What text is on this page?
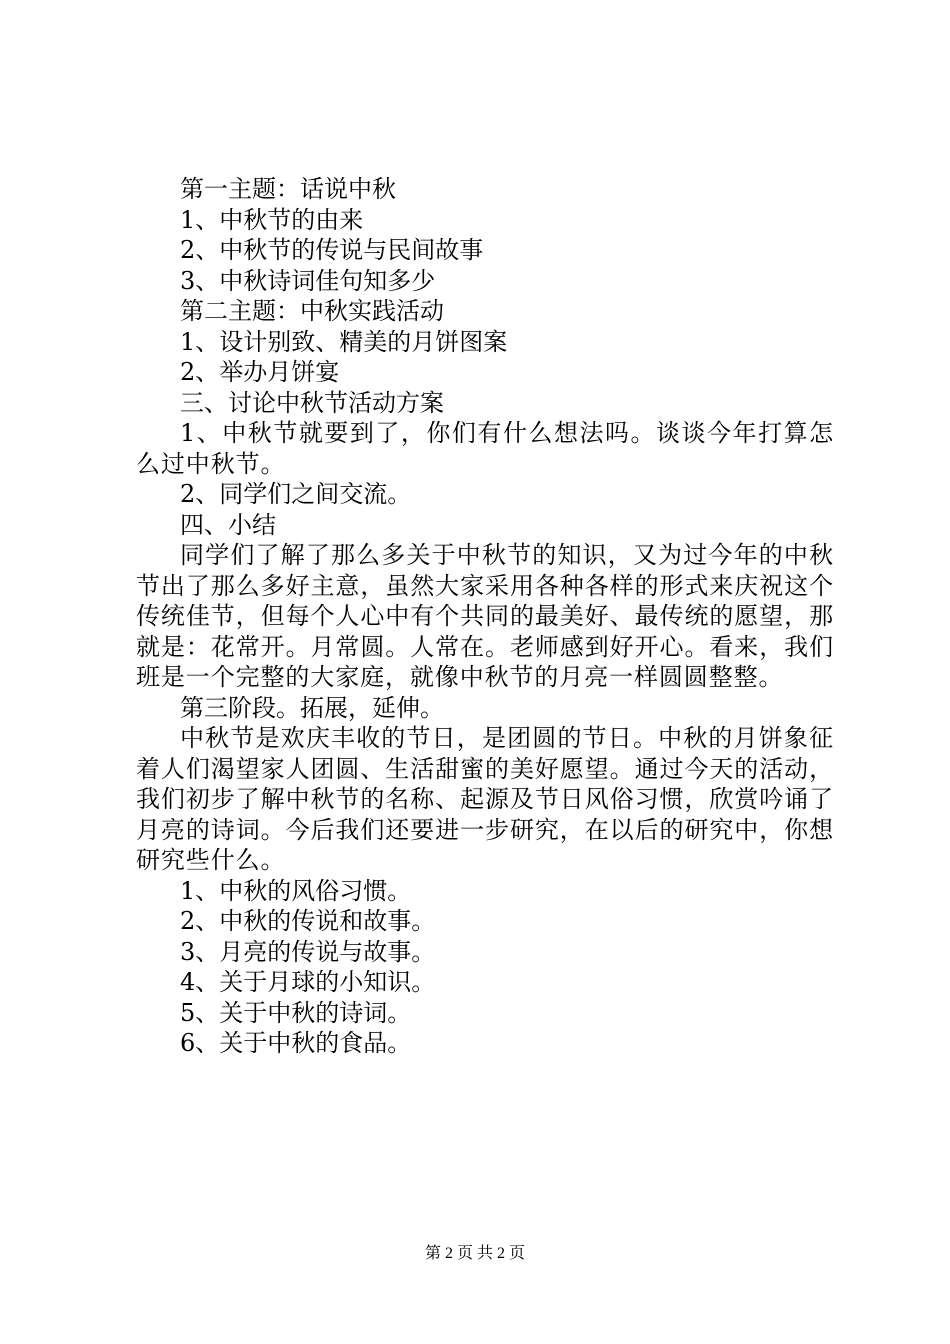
第一主题：话说中秋
1、中秋节的由来
2、中秋节的传说与民间故事
3、中秋诗词佳句知多少
第二主题：中秋实践活动
1、设计别致、精美的月饼图案
2、举办月饼宴
三、讨论中秋节活动方案
1、中秋节就要到了，你们有什么想法吗。谈谈今年打算怎么过中秋节。
2、同学们之间交流。
四、小结
同学们了解了那么多关于中秋节的知识，又为过今年的中秋节出了那么多好主意，虽然大家采用各种各样的形式来庆祝这个传统佳节，但每个人心中有个共同的最美好、最传统的愿望，那就是：花常开。月常圆。人常在。老师感到好开心。看来，我们班是一个完整的大家庭，就像中秋节的月亮一样圆圆整整。
第三阶段。拓展，延伸。
中秋节是欢庆丰收的节日，是团圆的节日。中秋的月饼象征着人们渴望家人团圆、生活甜蜜的美好愿望。通过今天的活动，我们初步了解中秋节的名称、起源及节日风俗习惯，欣赏吟诵了月亮的诗词。今后我们还要进一步研究，在以后的研究中，你想研究些什么。
1、中秋的风俗习惯。
2、中秋的传说和故事。
3、月亮的传说与故事。
4、关于月球的小知识。
5、关于中秋的诗词。
6、关于中秋的食品。
第 2 页 共 2 页
